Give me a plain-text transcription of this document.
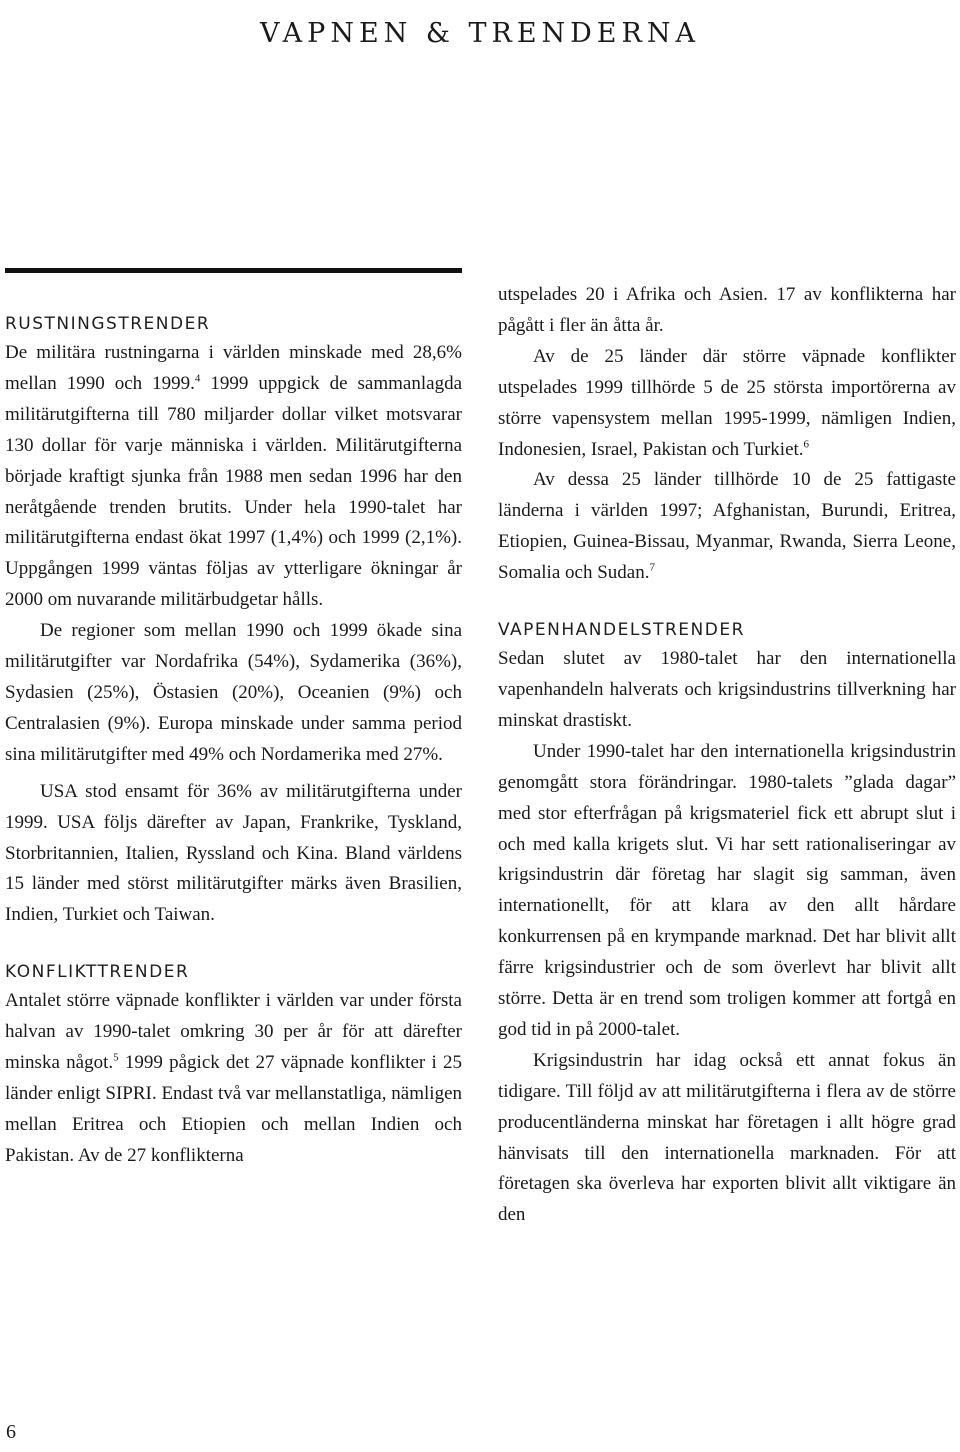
VAPNEN & TRENDERNA
RUSTNINGSTRENDER

De militära rustningarna i världen minskade med 28,6% mellan 1990 och 1999.$^4$ 1999 uppgick de sammanlagda militärutgifterna till 780 miljarder dollar vilket motsvarar 130 dollar för varje människa i världen. Militärutgifterna började kraftigt sjunka från 1988 men sedan 1996 har den neråtgående trenden brutits. Under hela 1990-talet har militärutgifterna endast ökat 1997 (1,4%) och 1999 (2,1%). Uppgången 1999 väntas följas av ytterligare ökningar år 2000 om nuvarande militärbudgetar hålls.

De regioner som mellan 1990 och 1999 ökade sina militärutgifter var Nordafrika (54%), Sydamerika (36%), Sydasien (25%), Östasien (20%), Oceanien (9%) och Centralasien (9%). Europa minskade under samma period sina militärutgifter med 49% och Nordamerika med 27%.

USA stod ensamt för 36% av militärutgifterna under 1999. USA följs därefter av Japan, Frankrike, Tyskland, Storbritannien, Italien, Ryssland och Kina. Bland världens 15 länder med störst militärutgifter märks även Brasilien, Indien, Turkiet och Taiwan.

KONFLIKTTRENDER

Antalet större väpnade konflikter i världen var under första halvan av 1990-talet omkring 30 per år för att därefter minska något.$^5$ 1999 pågick det 27 väpnade konflikter i 25 länder enligt SIPRI. Endast två var mellanstatliga, nämligen mellan Eritrea och Etiopien och mellan Indien och Pakistan. Av de 27 konflikterna

utspelades 20 i Afrika och Asien. 17 av konflikterna har pågått i fler än åtta år.

Av de 25 länder där större väpnade konflikter utspelades 1999 tillhörde 5 de 25 största importörerna av större vapensystem mellan 1995-1999, nämligen Indien, Indonesien, Israel, Pakistan och Turkiet.$^6$

Av dessa 25 länder tillhörde 10 de 25 fattigaste länderna i världen 1997; Afghanistan, Burundi, Eritrea, Etiopien, Guinea-Bissau, Myanmar, Rwanda, Sierra Leone, Somalia och Sudan.$^7$

VAPENHANDELSTRENDER

Sedan slutet av 1980-talet har den internationella vapenhandeln halverats och krigsindustrins tillverkning har minskat drastiskt.

Under 1990-talet har den internationella krigsindustrin genomgått stora förändringar. 1980-talets ”glada dagar” med stor efterfrågan på krigsmateriel fick ett abrupt slut i och med kalla krigets slut. Vi har sett rationaliseringar av krigsindustrin där företag har slagit sig samman, även internationellt, för att klara av den allt hårdare konkurrensen på en krympande marknad. Det har blivit allt färre krigsindustrier och de som överlevt har blivit allt större. Detta är en trend som troligen kommer att fortgå en god tid in på 2000-talet.

Krigsindustrin har idag också ett annat fokus än tidigare. Till följd av att militärutgifterna i flera av de större producentländerna minskat har företagen i allt högre grad hänvisats till den internationella marknaden. För att företagen ska överleva har exporten blivit allt viktigare än den

6
